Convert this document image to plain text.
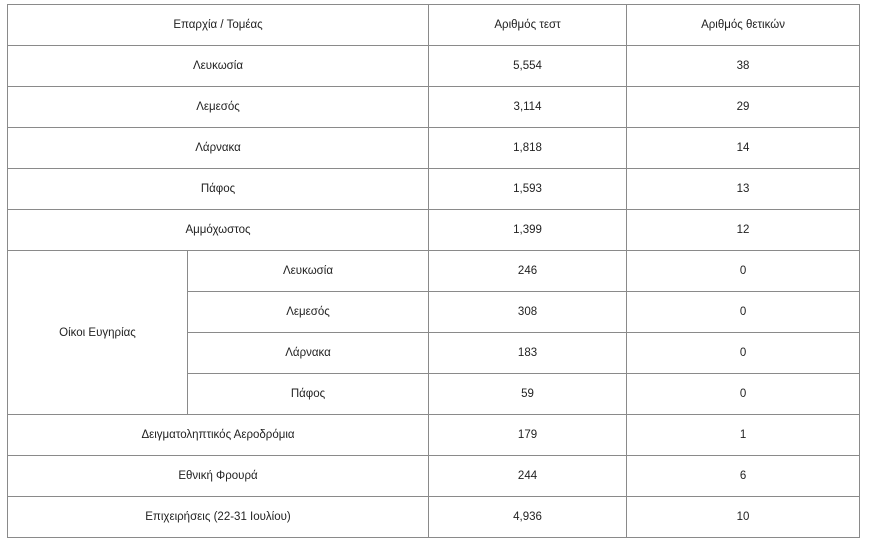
Επαρχία / Τομέας		Αριθμός τεστ	Αριθμός θετικών
Λευκωσία		5,554	38
Λεμεσός		3,114	29
Λάρνακα		1,818	14
Πάφος		1,593	13
Αμμόχωστος		1,399	12
Οίκοι Ευγηρίας	Λευκωσία	246	0
	Λεμεσός	308	0
	Λάρνακα	183	0
	Πάφος	59	0
Δειγματοληπτικός Αεροδρόμια		179	1
Εθνική Φρουρά		244	6
Επιχειρήσεις (22-31 Ιουλίου)		4,936	10
